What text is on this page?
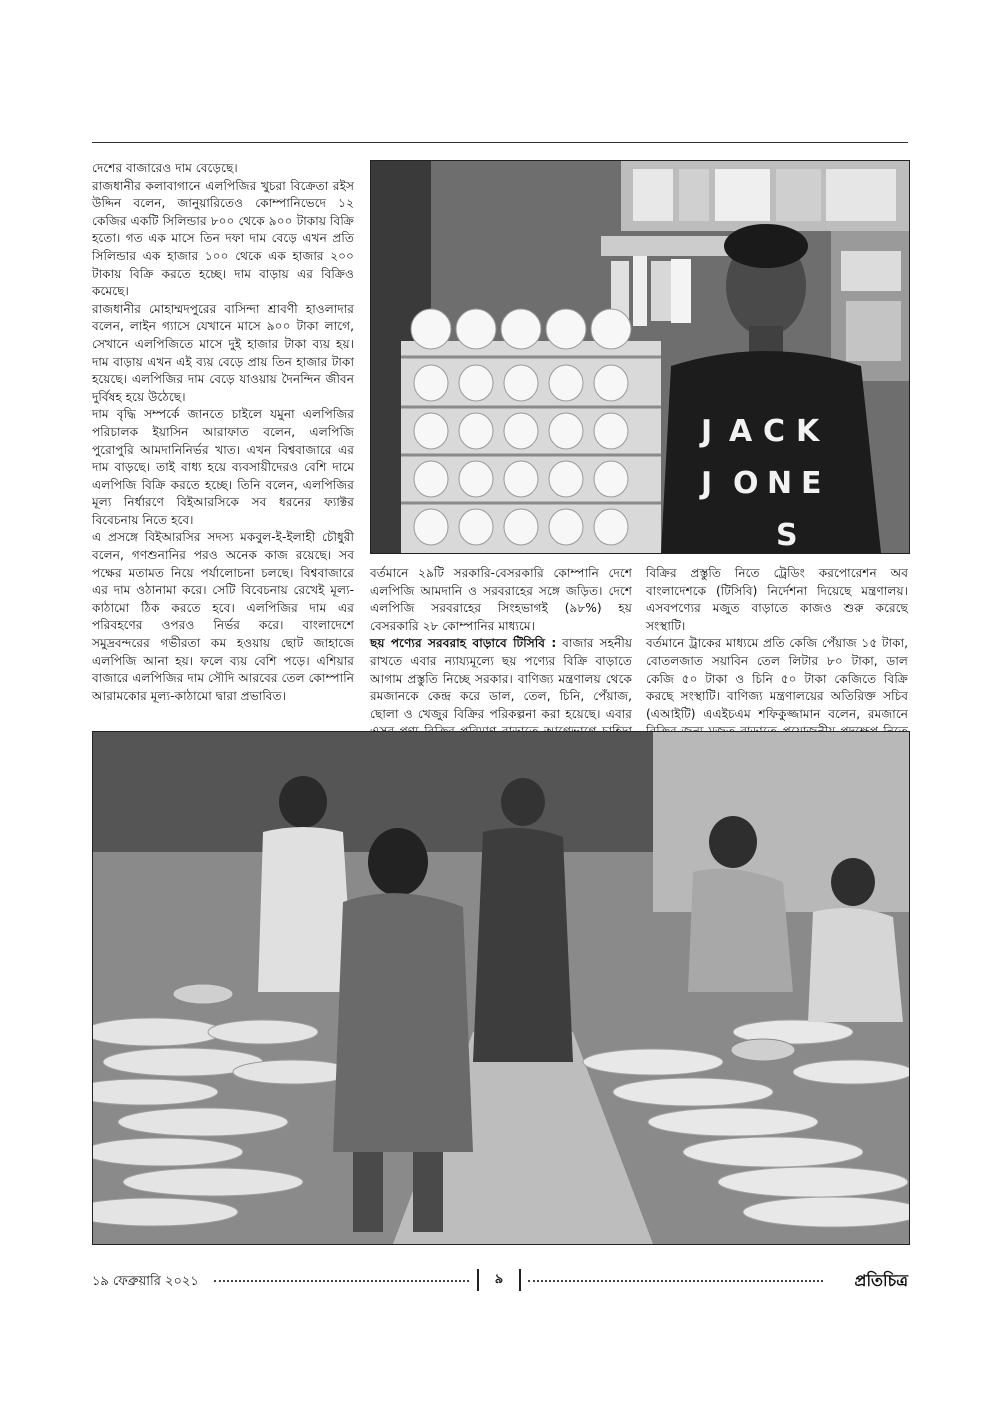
দেশের বাজারেও দাম বেড়েছে।

রাজধানীর কলাবাগানে এলপিজির খুচরা বিক্রেতা রইস উদ্দিন বলেন, জানুয়ারিতেও কোম্পানিভেদে ১২ কেজির একটি সিলিন্ডার ৮০০ থেকে ৯০০ টাকায় বিক্রি হতো। গত এক মাসে তিন দফা দাম বেড়ে এখন প্রতি সিলিন্ডার এক হাজার ১০০ থেকে এক হাজার ২০০ টাকায় বিক্রি করতে হচ্ছে। দাম বাড়ায় এর বিক্রিও কমেছে।

রাজধানীর মোহাম্মদপুরের বাসিন্দা শ্রাবণী হাওলাদার বলেন, লাইন গ্যাসে যেখানে মাসে ৯০০ টাকা লাগে, সেখানে এলপিজিতে মাসে দুই হাজার টাকা ব্যয় হয়। দাম বাড়ায় এখন এই ব্যয় বেড়ে প্রায় তিন হাজার টাকা হয়েছে। এলপিজির দাম বেড়ে যাওয়ায় দৈনন্দিন জীবন দুর্বিষহ হয়ে উঠেছে।

দাম বৃদ্ধি সম্পর্কে জানতে চাইলে যমুনা এলপিজির পরিচালক ইয়াসিন আরাফাত বলেন, এলপিজি পুরোপুরি আমদানিনির্ভর খাত। এখন বিশ্ববাজারে এর দাম বাড়ছে। তাই বাধ্য হয়ে ব্যবসায়ীদেরও বেশি দামে এলপিজি বিক্রি করতে হচ্ছে। তিনি বলেন, এলপিজির মূল্য নির্ধারণে বিইআরসিকে সব ধরনের ফ্যাক্টর বিবেচনায় নিতে হবে।

এ প্রসঙ্গে বিইআরসির সদস্য মকবুল-ই-ইলাহী চৌধুরী বলেন, গণশুনানির পরও অনেক কাজ রয়েছে। সব পক্ষের মতামত নিয়ে পর্যালোচনা চলছে। বিশ্ববাজারে এর দাম ওঠানামা করে। সেটি বিবেচনায় রেখেই মূল্য-কাঠামো ঠিক করতে হবে। এলপিজির দাম এর পরিবহণের ওপরও নির্ভর করে। বাংলাদেশে সমুদ্রবন্দরের গভীরতা কম হওয়ায় ছোট জাহাজে এলপিজি আনা হয়। ফলে ব্যয় বেশি পড়ে। এশিয়ার বাজারে এলপিজির দাম সৌদি আরবের তেল কোম্পানি আরামকোর মূল্য-কাঠামো দ্বারা প্রভাবিত।

J A C K
J O N E
S

বর্তমানে ২৯টি সরকারি-বেসরকারি কোম্পানি দেশে এলপিজি আমদানি ও সরবরাহের সঙ্গে জড়িত। দেশে এলপিজি সরবরাহের সিংহভাগই (৯৮%) হয় বেসরকারি ২৮ কোম্পানির মাধ্যমে।

ছয় পণ্যের সরবরাহ বাড়াবে টিসিবি : বাজার সহনীয় রাখতে এবার ন্যায্যমূল্যে ছয় পণ্যের বিক্রি বাড়াতে আগাম প্রস্তুতি নিচ্ছে সরকার। বাণিজ্য মন্ত্রণালয় থেকে রমজানকে কেন্দ্র করে ডাল, তেল, চিনি, পেঁয়াজ, ছোলা ও খেজুর বিক্রির পরিকল্পনা করা হয়েছে। এবার

বিক্রির প্রস্তুতি নিতে ট্রেডিং করপোরেশন অব বাংলাদেশকে (টিসিবি) নির্দেশনা দিয়েছে মন্ত্রণালয়। এসবপণ্যের মজুত বাড়াতে কাজও শুরু করেছে সংস্থাটি।

বর্তমানে ট্রাকের মাধ্যমে প্রতি কেজি পেঁয়াজ ১৫ টাকা, বোতলজাত সয়াবিন তেল লিটার ৮০ টাকা, ডাল কেজি ৫০ টাকা ও চিনি ৫০ টাকা কেজিতে বিক্রি করছে সংস্থাটি। বাণিজ্য মন্ত্রণালয়ের অতিরিক্ত সচিব (এআইটি) এএইচএম শফিকুজ্জামান বলেন, রমজানে

১৯ ফেব্রুয়ারি ২০২১	৯	প্রতিচিত্র
